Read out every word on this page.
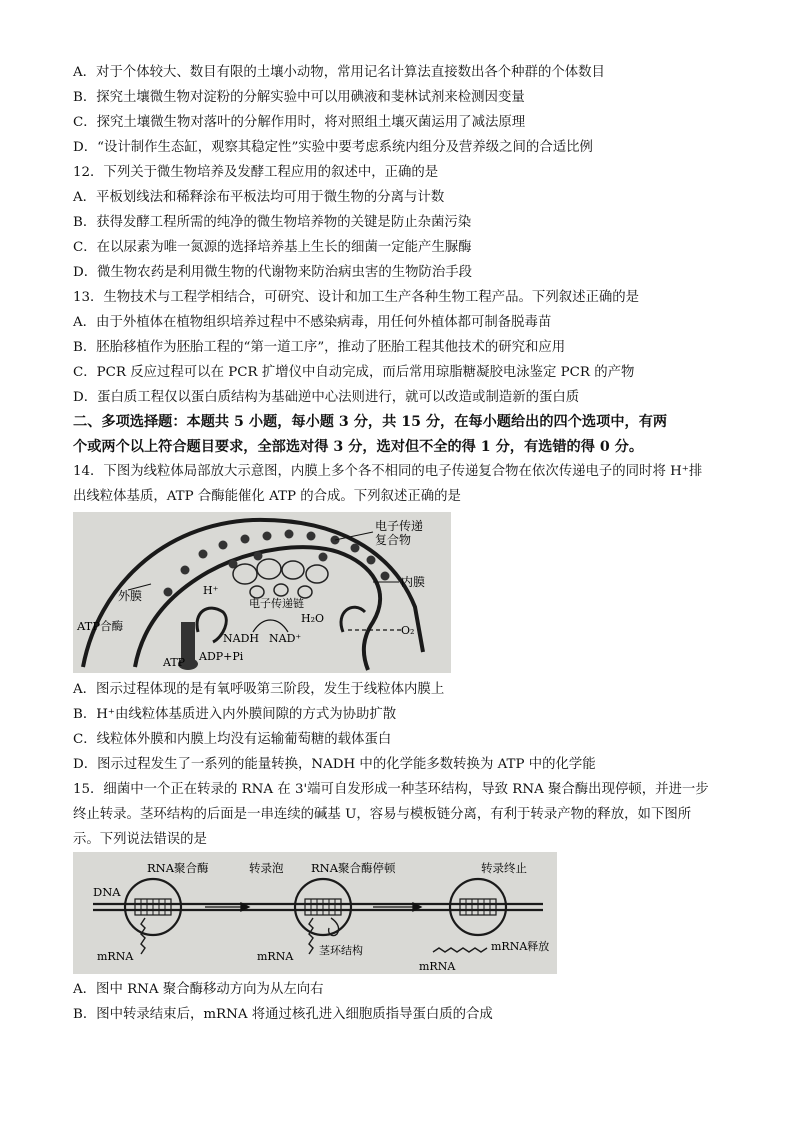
A．对于个体较大、数目有限的土壤小动物，常用记名计算法直接数出各个种群的个体数目
B．探究土壤微生物对淀粉的分解实验中可以用碘液和斐林试剂来检测因变量
C．探究土壤微生物对落叶的分解作用时，将对照组土壤灭菌运用了减法原理
D．“设计制作生态缸，观察其稳定性”实验中要考虑系统内组分及营养级之间的合适比例
12．下列关于微生物培养及发酵工程应用的叙述中，正确的是
A．平板划线法和稀释涂布平板法均可用于微生物的分离与计数
B．获得发酵工程所需的纯净的微生物培养物的关键是防止杂菌污染
C．在以尿素为唯一氮源的选择培养基上生长的细菌一定能产生脲酶
D．微生物农药是利用微生物的代谢物来防治病虫害的生物防治手段
13．生物技术与工程学相结合，可研究、设计和加工生产各种生物工程产品。下列叙述正确的是
A．由于外植体在植物组织培养过程中不感染病毒，用任何外植体都可制备脱毒苗
B．胚胎移植作为胚胎工程的“第一道工序”，推动了胚胎工程其他技术的研究和应用
C．PCR 反应过程可以在 PCR 扩增仪中自动完成，而后常用琼脂糖凝胶电泳鉴定 PCR 的产物
D．蛋白质工程仅以蛋白质结构为基础逆中心法则进行，就可以改造或制造新的蛋白质
二、多项选择题：本题共 5 小题，每小题 3 分，共 15 分，在每小题给出的四个选项中，有两
个或两个以上符合题目要求，全部选对得 3 分，选对但不全的得 1 分，有选错的得 0 分。
14．下图为线粒体局部放大示意图，内膜上多个各不相同的电子传递复合物在依次传递电子的同时将 H⁺排
出线粒体基质，ATP 合酶能催化 ATP 的合成。下列叙述正确的是
外膜
电子传递
复合物
内膜
ATP合酶
电子传递链
H₂O
O₂
NADH NAD⁺
ATP ADP+Pi
H⁺
A．图示过程体现的是有氧呼吸第三阶段，发生于线粒体内膜上
B．H⁺由线粒体基质进入内外膜间隙的方式为协助扩散
C．线粒体外膜和内膜上均没有运输葡萄糖的载体蛋白
D．图示过程发生了一系列的能量转换，NADH 中的化学能多数转换为 ATP 中的化学能
15．细菌中一个正在转录的 RNA 在 3'端可自发形成一种茎环结构，导致 RNA 聚合酶出现停顿，并进一步
终止转录。茎环结构的后面是一串连续的碱基 U，容易与模板链分离，有利于转录产物的释放，如下图所
示。下列说法错误的是
DNA
RNA聚合酶	转录泡 RNA聚合酶停顿	转录终止
mRNA	mRNA 茎环结构	mRNA释放
mRNA
A．图中 RNA 聚合酶移动方向为从左向右
B．图中转录结束后，mRNA 将通过核孔进入细胞质指导蛋白质的合成
